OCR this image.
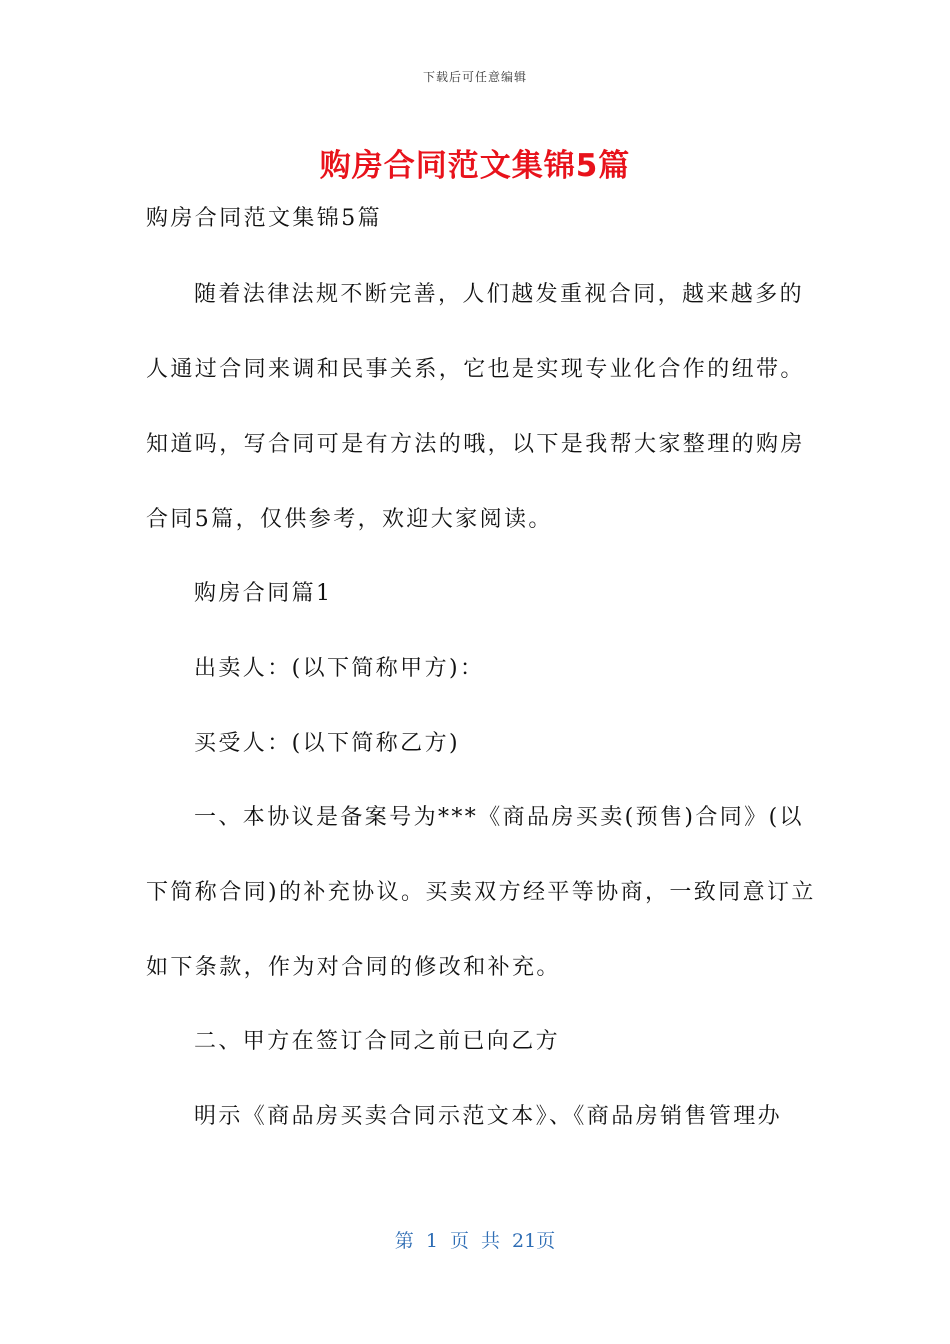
下载后可任意编辑
购房合同范文集锦5篇
购房合同范文集锦5篇
随着法律法规不断完善，人们越发重视合同，越来越多的
人通过合同来调和民事关系，它也是实现专业化合作的纽带。
知道吗，写合同可是有方法的哦，以下是我帮大家整理的购房
合同5篇，仅供参考，欢迎大家阅读。
购房合同篇1
出卖人：(以下简称甲方)：
买受人：(以下简称乙方)
一、本协议是备案号为***《商品房买卖(预售)合同》(以
下简称合同)的补充协议。买卖双方经平等协商，一致同意订立
如下条款，作为对合同的修改和补充。
二、甲方在签订合同之前已向乙方
明示《商品房买卖合同示范文本》、《商品房销售管理办
第 1 页 共 21页
